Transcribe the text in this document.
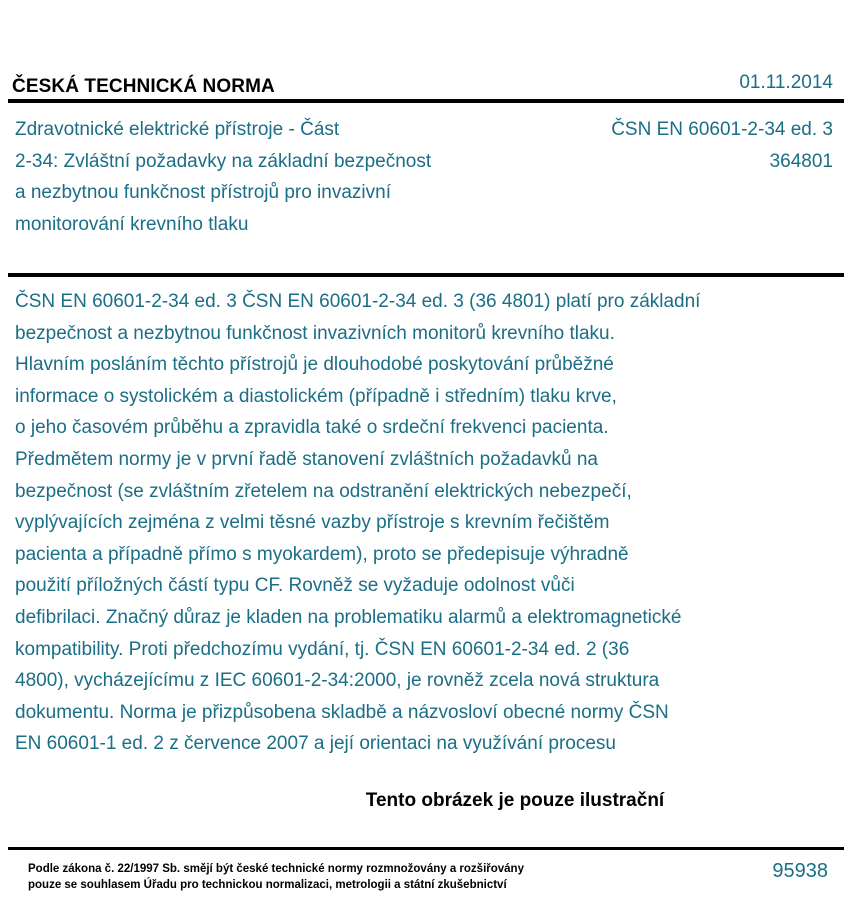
ČESKÁ TECHNICKÁ NORMA	01.11.2014
Zdravotnické elektrické přístroje - Část
2-34: Zvláštní požadavky na základní bezpečnost
a nezbytnou funkčnost přístrojů pro invazivní
monitorování krevního tlaku
ČSN EN 60601-2-34 ed. 3
364801
ČSN EN 60601-2-34 ed. 3 ČSN EN 60601-2-34 ed. 3 (36 4801) platí pro základní
bezpečnost a nezbytnou funkčnost invazivních monitorů krevního tlaku.
Hlavním posláním těchto přístrojů je dlouhodobé poskytování průběžné
informace o systolickém a diastolickém (případně i středním) tlaku krve,
o jeho časovém průběhu a zpravidla také o srdeční frekvenci pacienta.
Předmětem normy je v první řadě stanovení zvláštních požadavků na
bezpečnost (se zvláštním zřetelem na odstranění elektrických nebezpečí,
vyplývajících zejména z velmi těsné vazby přístroje s krevním řečištěm
pacienta a případně přímo s myokardem), proto se předepisuje výhradně
použití příložných částí typu CF. Rovněž se vyžaduje odolnost vůči
defibrilaci. Značný důraz je kladen na problematiku alarmů a elektromagnetické
kompatibility. Proti předchozímu vydání, tj. ČSN EN 60601-2-34 ed. 2 (36
4800), vycházejícímu z IEC 60601-2-34:2000, je rovněž zcela nová struktura
dokumentu. Norma je přizpůsobena skladbě a názvosloví obecné normy ČSN
EN 60601-1 ed. 2 z července 2007 a její orientaci na využívání procesu
Tento obrázek je pouze ilustrační
Podle zákona č. 22/1997 Sb. smějí být české technické normy rozmnožovány a rozšiřovány
pouze se souhlasem Úřadu pro technickou normalizaci, metrologii a státní zkušebnictví
95938
